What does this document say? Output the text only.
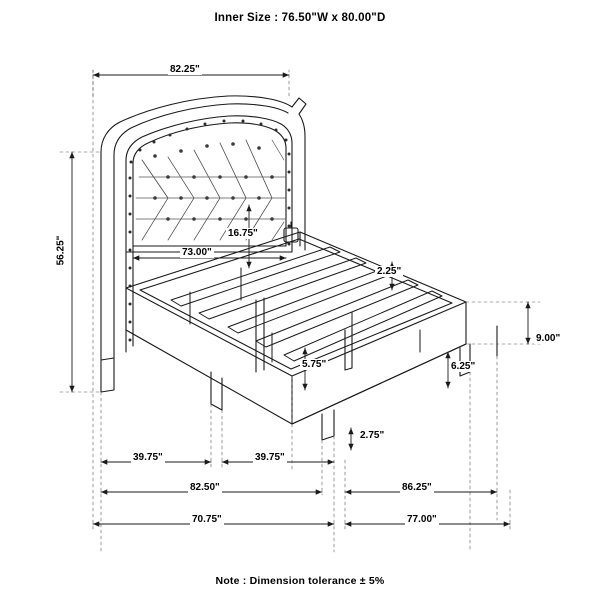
Inner Size : 76.50"W x 80.00"D
82.25"
56.25"
16.75"
73.00"
2.25"
9.00"
5.75"	6.25"
2.75"
39.75"	39.75"
82.50"	86.25"
70.75"	77.00"
Note : Dimension tolerance ± 5%
